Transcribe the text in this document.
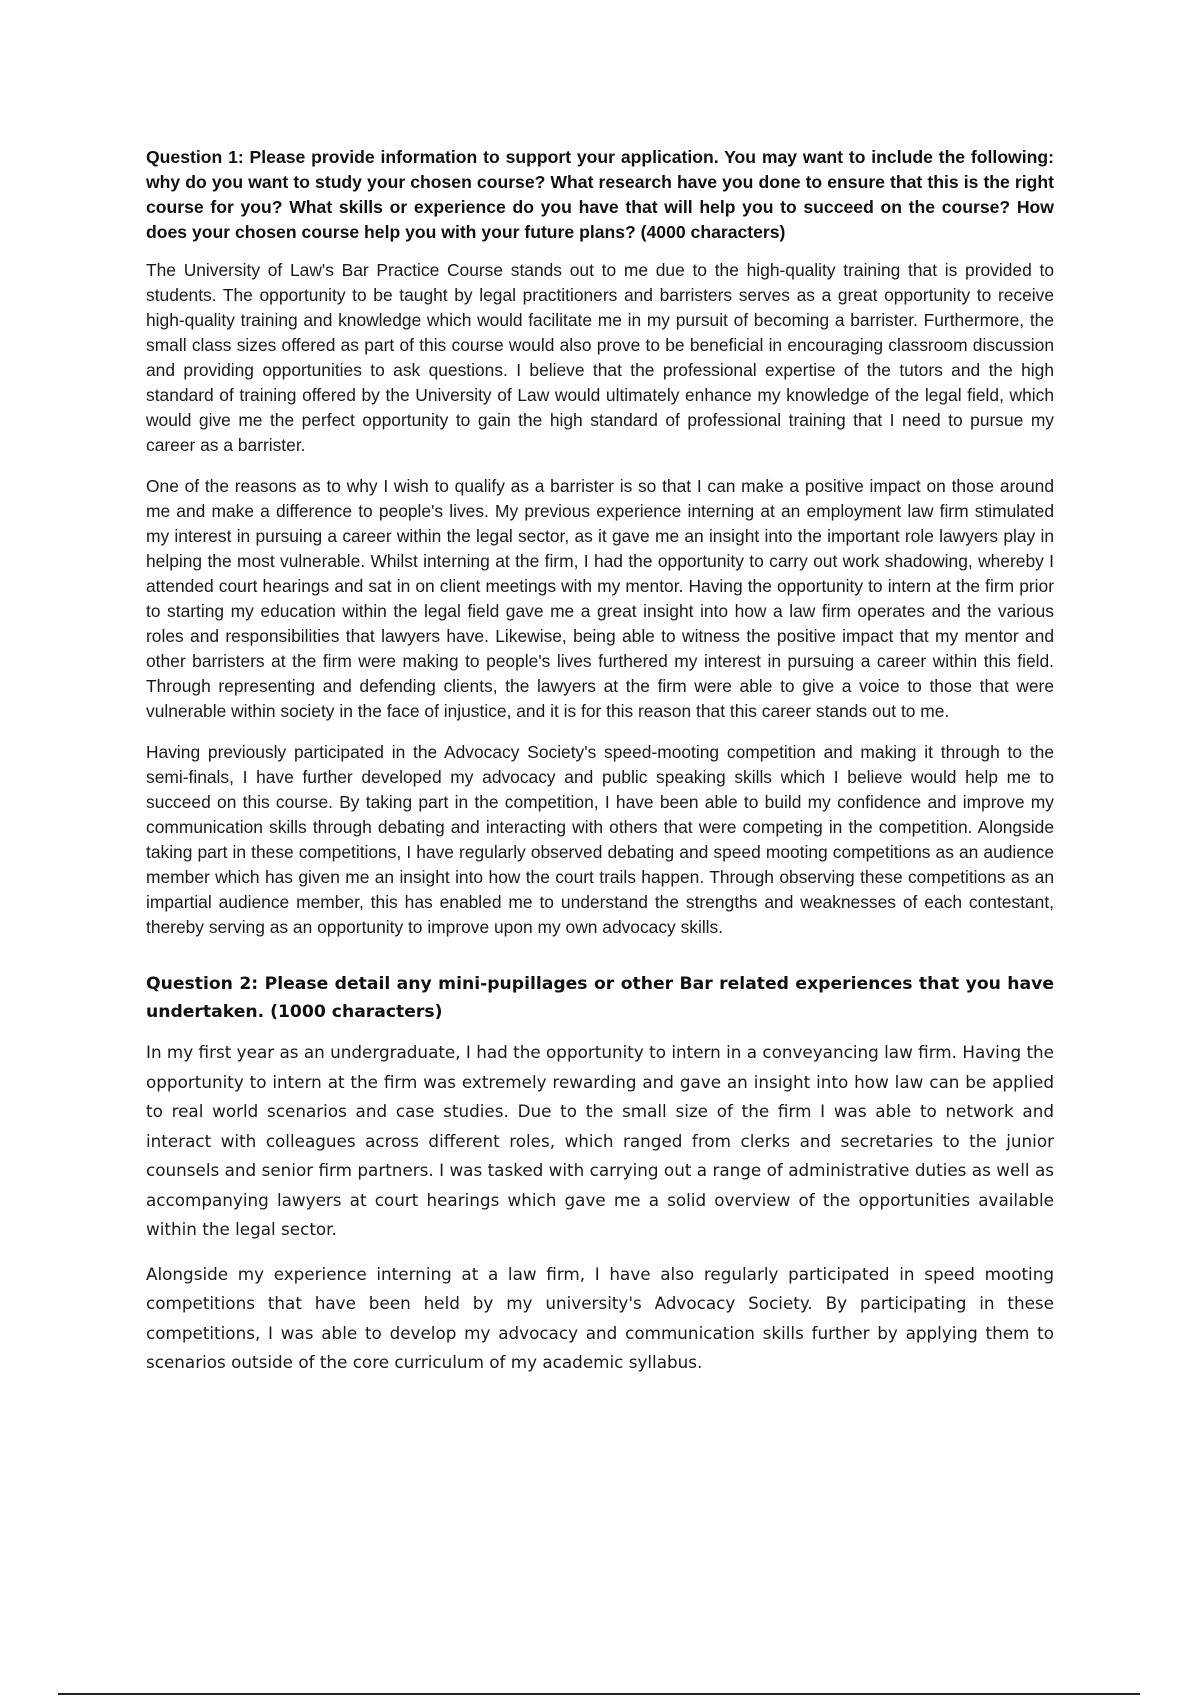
Question 1: Please provide information to support your application. You may want to include the following: why do you want to study your chosen course? What research have you done to ensure that this is the right course for you? What skills or experience do you have that will help you to succeed on the course? How does your chosen course help you with your future plans? (4000 characters)

The University of Law's Bar Practice Course stands out to me due to the high-quality training that is provided to students. The opportunity to be taught by legal practitioners and barristers serves as a great opportunity to receive high-quality training and knowledge which would facilitate me in my pursuit of becoming a barrister. Furthermore, the small class sizes offered as part of this course would also prove to be beneficial in encouraging classroom discussion and providing opportunities to ask questions. I believe that the professional expertise of the tutors and the high standard of training offered by the University of Law would ultimately enhance my knowledge of the legal field, which would give me the perfect opportunity to gain the high standard of professional training that I need to pursue my career as a barrister.

One of the reasons as to why I wish to qualify as a barrister is so that I can make a positive impact on those around me and make a difference to people's lives. My previous experience interning at an employment law firm stimulated my interest in pursuing a career within the legal sector, as it gave me an insight into the important role lawyers play in helping the most vulnerable. Whilst interning at the firm, I had the opportunity to carry out work shadowing, whereby I attended court hearings and sat in on client meetings with my mentor. Having the opportunity to intern at the firm prior to starting my education within the legal field gave me a great insight into how a law firm operates and the various roles and responsibilities that lawyers have. Likewise, being able to witness the positive impact that my mentor and other barristers at the firm were making to people's lives furthered my interest in pursuing a career within this field. Through representing and defending clients, the lawyers at the firm were able to give a voice to those that were vulnerable within society in the face of injustice, and it is for this reason that this career stands out to me.

Having previously participated in the Advocacy Society's speed-mooting competition and making it through to the semi-finals, I have further developed my advocacy and public speaking skills which I believe would help me to succeed on this course. By taking part in the competition, I have been able to build my confidence and improve my communication skills through debating and interacting with others that were competing in the competition. Alongside taking part in these competitions, I have regularly observed debating and speed mooting competitions as an audience member which has given me an insight into how the court trails happen. Through observing these competitions as an impartial audience member, this has enabled me to understand the strengths and weaknesses of each contestant, thereby serving as an opportunity to improve upon my own advocacy skills.

Question 2: Please detail any mini-pupillages or other Bar related experiences that you have undertaken. (1000 characters)

In my first year as an undergraduate, I had the opportunity to intern in a conveyancing law firm. Having the opportunity to intern at the firm was extremely rewarding and gave an insight into how law can be applied to real world scenarios and case studies. Due to the small size of the firm I was able to network and interact with colleagues across different roles, which ranged from clerks and secretaries to the junior counsels and senior firm partners. I was tasked with carrying out a range of administrative duties as well as accompanying lawyers at court hearings which gave me a solid overview of the opportunities available within the legal sector.

Alongside my experience interning at a law firm, I have also regularly participated in speed mooting competitions that have been held by my university's Advocacy Society. By participating in these competitions, I was able to develop my advocacy and communication skills further by applying them to scenarios outside of the core curriculum of my academic syllabus.
